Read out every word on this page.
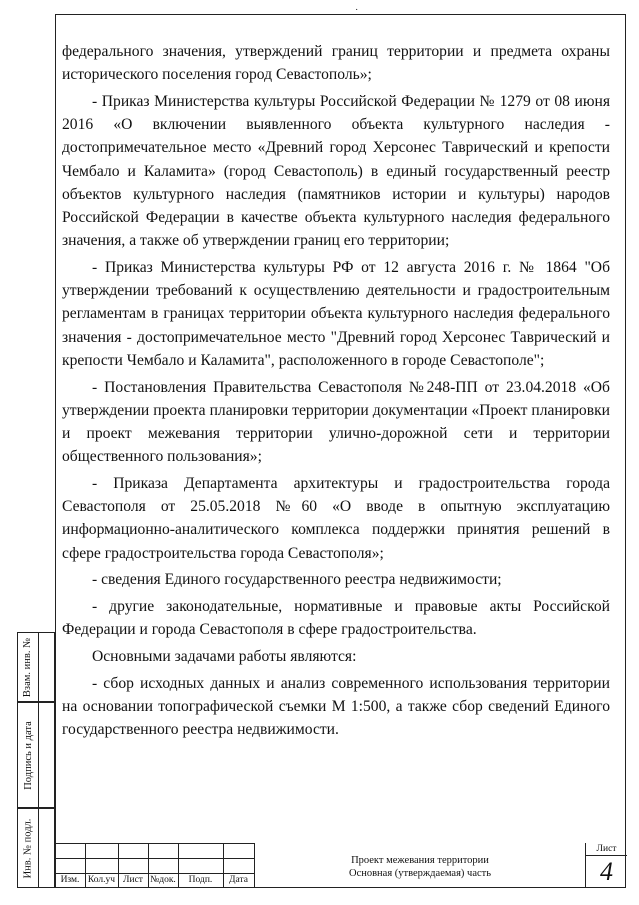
˙

федерального значения, утверждений границ территории и предмета охраны исторического поселения город Севастополь»;

- Приказ Министерства культуры Российской Федерации № 1279 от 08 июня 2016 «О включении выявленного объекта культурного наследия - достопримечательное место «Древний город Херсонес Таврический и крепости Чембало и Каламита» (город Севастополь) в единый государственный реестр объектов культурного наследия (памятников истории и культуры) народов Российской Федерации в качестве объекта культурного наследия федерального значения, а также об утверждении границ его территории;

- Приказ Министерства культуры РФ от 12 августа 2016 г. № 1864 "Об утверждении требований к осуществлению деятельности и градостроительным регламентам в границах территории объекта культурного наследия федерального значения - достопримечательное место "Древний город Херсонес Таврический и крепости Чембало и Каламита", расположенного в городе Севастополе";

- Постановления Правительства Севастополя №248-ПП от 23.04.2018 «Об утверждении проекта планировки территории документации «Проект планировки и проект межевания территории улично-дорожной сети и территории общественного пользования»;

- Приказа Департамента архитектуры и градостроительства города Севастополя от 25.05.2018 №60 «О вводе в опытную эксплуатацию информационно-аналитического комплекса поддержки принятия решений в сфере градостроительства города Севастополя»;

- сведения Единого государственного реестра недвижимости;

- другие законодательные, нормативные и правовые акты Российской Федерации и города Севастополя в сфере градостроительства.

Основными задачами работы являются:

- сбор исходных данных и анализ современного использования территории на основании топографической съемки М 1:500, а также сбор сведений Единого государственного реестра недвижимости.

Взам. инв. №
Подпись и дата
Инв. № подл.
Изм. Кол.уч Лист №док.	Подп.	Дата
Проект межевания территории
Основная (утверждаемая) часть
Лист
4
